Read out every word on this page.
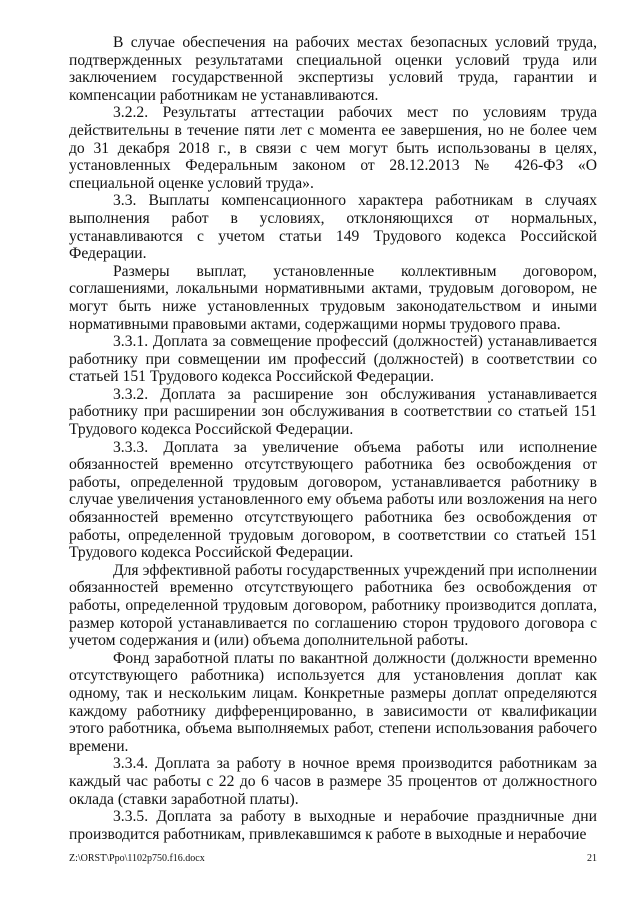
В случае обеспечения на рабочих местах безопасных условий труда, подтвержденных результатами специальной оценки условий труда или заключением государственной экспертизы условий труда, гарантии и компенсации работникам не устанавливаются.

3.2.2. Результаты аттестации рабочих мест по условиям труда действительны в течение пяти лет с момента ее завершения, но не более чем до 31 декабря 2018 г., в связи с чем могут быть использованы в целях, установленных Федеральным законом от 28.12.2013 № 426-ФЗ «О специальной оценке условий труда».

3.3. Выплаты компенсационного характера работникам в случаях выполнения работ в условиях, отклоняющихся от нормальных, устанавливаются с учетом статьи 149 Трудового кодекса Российской Федерации.

Размеры выплат, установленные коллективным договором, соглашениями, локальными нормативными актами, трудовым договором, не могут быть ниже установленных трудовым законодательством и иными нормативными правовыми актами, содержащими нормы трудового права.

3.3.1. Доплата за совмещение профессий (должностей) устанавливается работнику при совмещении им профессий (должностей) в соответствии со статьей 151 Трудового кодекса Российской Федерации.

3.3.2. Доплата за расширение зон обслуживания устанавливается работнику при расширении зон обслуживания в соответствии со статьей 151 Трудового кодекса Российской Федерации.

3.3.3. Доплата за увеличение объема работы или исполнение обязанностей временно отсутствующего работника без освобождения от работы, определенной трудовым договором, устанавливается работнику в случае увеличения установленного ему объема работы или возложения на него обязанностей временно отсутствующего работника без освобождения от работы, определенной трудовым договором, в соответствии со статьей 151 Трудового кодекса Российской Федерации.

Для эффективной работы государственных учреждений при исполнении обязанностей временно отсутствующего работника без освобождения от работы, определенной трудовым договором, работнику производится доплата, размер которой устанавливается по соглашению сторон трудового договора с учетом содержания и (или) объема дополнительной работы.

Фонд заработной платы по вакантной должности (должности временно отсутствующего работника) используется для установления доплат как одному, так и нескольким лицам. Конкретные размеры доплат определяются каждому работнику дифференцированно, в зависимости от квалификации этого работника, объема выполняемых работ, степени использования рабочего времени.

3.3.4. Доплата за работу в ночное время производится работникам за каждый час работы с 22 до 6 часов в размере 35 процентов от должностного оклада (ставки заработной платы).

3.3.5. Доплата за работу в выходные и нерабочие праздничные дни производится работникам, привлекавшимся к работе в выходные и нерабочие

Z:\ORST\Ppo\1102p750.f16.docx	21
